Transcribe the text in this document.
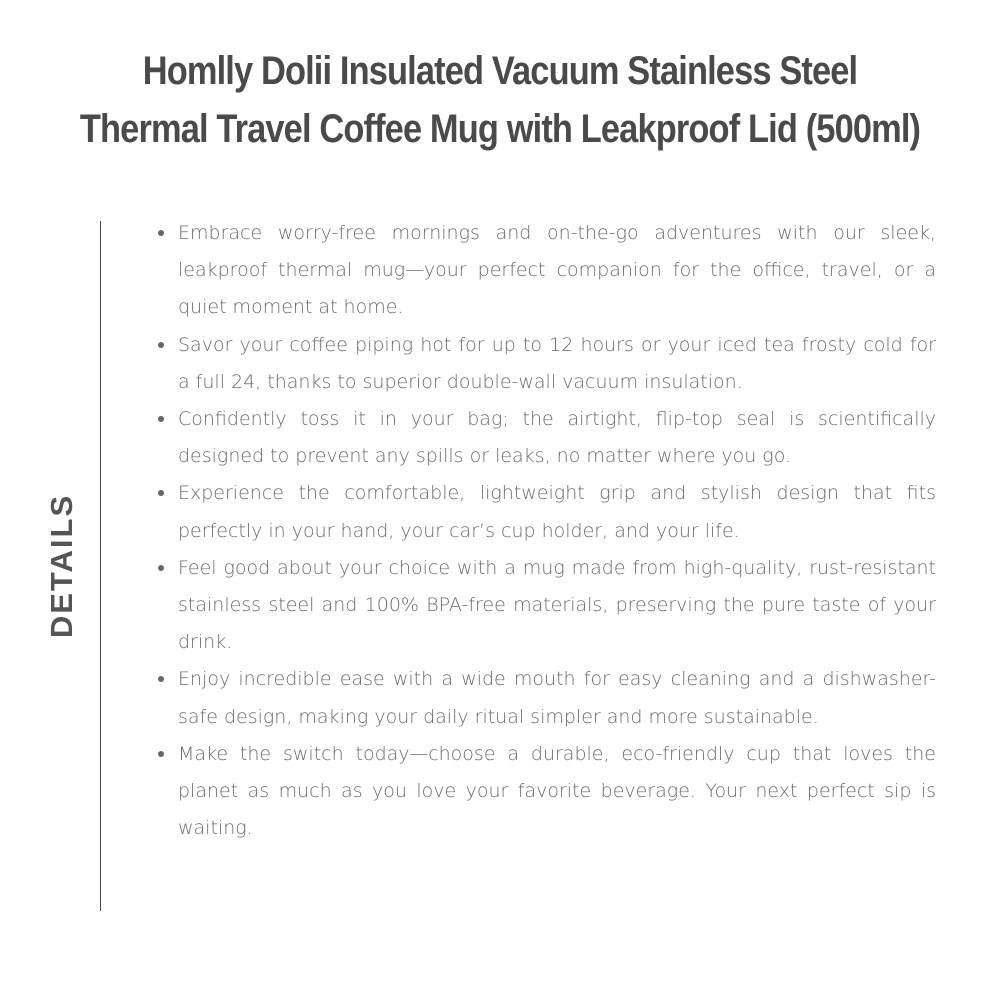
Homlly Dolii Insulated Vacuum Stainless Steel Thermal Travel Coffee Mug with Leakproof Lid (500ml)
DETAILS
Embrace worry-free mornings and on-the-go adventures with our sleek, leakproof thermal mug—your perfect companion for the office, travel, or a quiet moment at home.
Savor your coffee piping hot for up to 12 hours or your iced tea frosty cold for a full 24, thanks to superior double-wall vacuum insulation.
Confidently toss it in your bag; the airtight, flip-top seal is scientifically designed to prevent any spills or leaks, no matter where you go.
Experience the comfortable, lightweight grip and stylish design that fits perfectly in your hand, your car’s cup holder, and your life.
Feel good about your choice with a mug made from high-quality, rust-resistant stainless steel and 100% BPA-free materials, preserving the pure taste of your drink.
Enjoy incredible ease with a wide mouth for easy cleaning and a dishwasher-safe design, making your daily ritual simpler and more sustainable.
Make the switch today—choose a durable, eco-friendly cup that loves the planet as much as you love your favorite beverage. Your next perfect sip is waiting.
